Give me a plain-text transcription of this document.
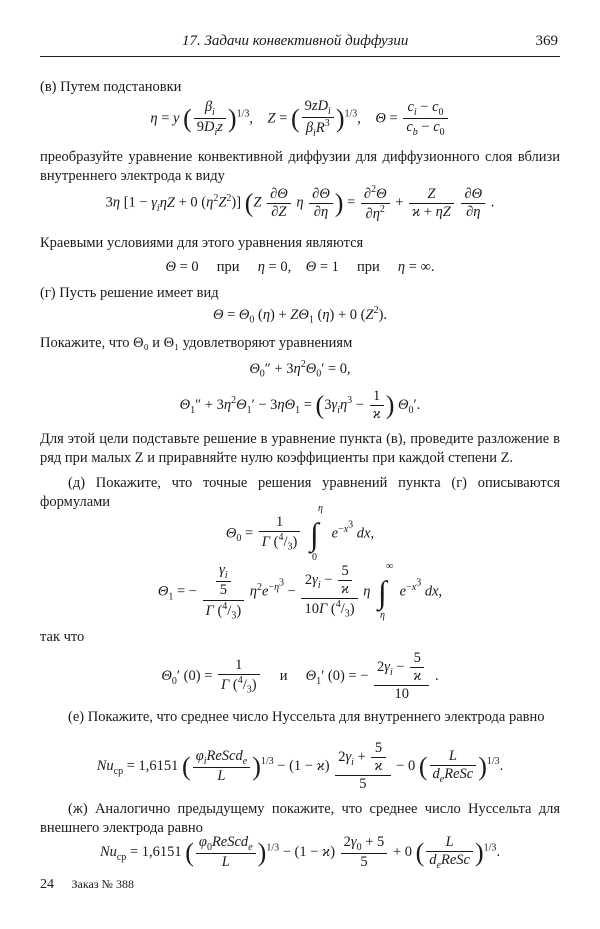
17. Задачи конвективной диффузии	369
(в) Путем подстановки
η = y ( $\frac{\beta_i}{9D_iz} )^{1/3}$,    Z = ( $\frac{9zD_i}{\beta_iR^3} )^{1/3}$,    $\Theta = \frac{c_i - c_0}{c_b - c_0}$
преобразуйте уравнение конвективной диффузии для диффузионного слоя вблизи внутреннего электрода к виду
3η [$1 - \gamma_i\eta Z + 0$ $(\eta^2Z^2)$] ($Z \frac{\partial\Theta}{\partial Z}$ η $\frac{\partial\Theta}{\partial\eta}$ ) = $\frac{\partial^2\Theta}{\partial\eta^2} + \frac{Z}{ϰ + \eta Z}$
$\frac{\partial\Theta}{\partial\eta}$ .
Краевыми условиями для этого уравнения являются
Θ = 0     при η = 0,    Θ = 1     при η = ∞.
(г) Пусть решение имеет вид
$\Theta = \Theta_0$ $(\eta) + Z\Theta_1$ (η) + 0 $(Z^2)$.
Покажите, что Θ₀ и Θ₁ удовлетворяют уравнениям
$\Theta_0'' + 3\eta^2\Theta_0' = 0$,
$\Theta_1'' + 3\eta^2\Theta_1' - 3\eta\Theta_1 = (3\gamma_i\eta^3 - \frac{1}{ϰ}$ ) $\Theta_0'$.
Для этой цели подставьте решение в уравнение пункта (в), проведите разложение в ряд при малых Z и приравняйте нулю коэффициенты при каждой степени Z.
(д) Покажите, что точные решения уравнений пункта (г) описываются формулами
$\Theta_0 = \frac{1}{\Gamma (^4/_3)}$

η
∫
0
$e^{-x^3}$ dx,
$\Theta_1$ = − $\frac{\frac{\gamma_i}{5}}{\Gamma (^4/_3)} \eta^2e^{-\eta^3} - \frac{2\gamma_i - \frac{5}{ϰ}}{10\Gamma (^4/_3)}$ η
∞
∫
η
$e^{-x^3}$ dx,
так что
$\Theta_0'$ $(0) = \frac{1}{\Gamma (^4/_3)}$ и $\Theta_1'$ (0) = − $\frac{2\gamma_i - \frac{5}{ϰ}}{10}$ .
(е) Покажите, что среднее число Нуссельта для внутреннего электрода равно
$Nu_{ср} = 1,6151$ ( $\frac{\varphi_iReScd_e}{L} )^{1/3} - (1 - ϰ) \frac{2\gamma_i + \frac{5}{ϰ}}{5} - 0$ ( $\frac{L}{d_eReSc} )^{1/3}$.
(ж) Аналогично предыдущему покажите, что среднее число Нуссельта для внешнего электрода равно
$Nu_{ср} = 1,6151$ ( $\frac{\varphi_0ReScd_e}{L} )^{1/3} - (1 - ϰ) \frac{2\gamma_0 + 5}{5} + 0$ ( $\frac{L}{d_eReSc} )^{1/3}$.
24 Заказ № 388
